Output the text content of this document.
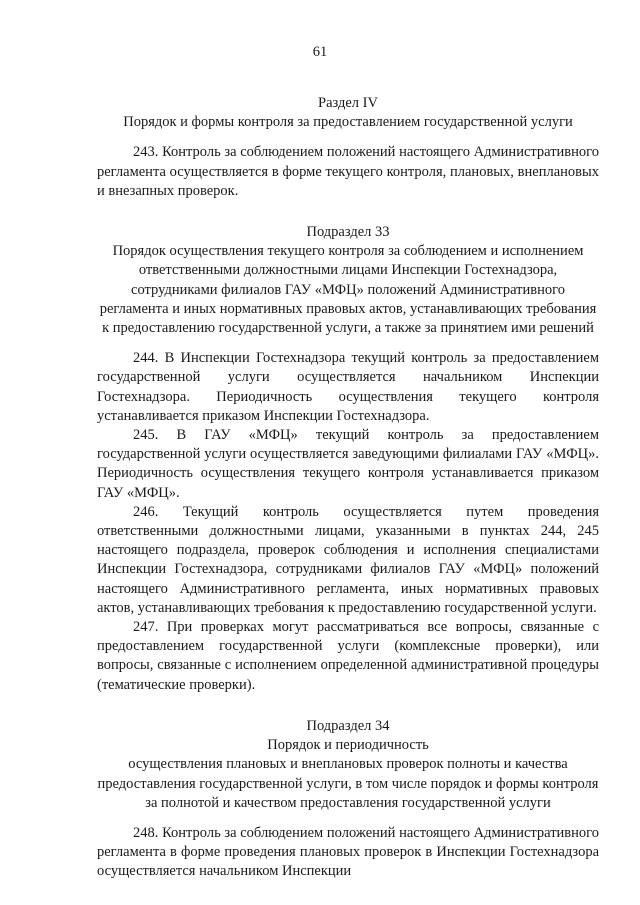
61

Раздел IV

Порядок и формы контроля за предоставлением государственной услуги

243. Контроль за соблюдением положений настоящего Административного регламента осуществляется в форме текущего контроля, плановых, внеплановых и внезапных проверок.

Подраздел 33

Порядок осуществления текущего контроля за соблюдением и исполнением ответственными должностными лицами Инспекции Гостехнадзора, сотрудниками филиалов ГАУ «МФЦ» положений Административного регламента и иных нормативных правовых актов, устанавливающих требования к предоставлению государственной услуги, а также за принятием ими решений

244. В Инспекции Гостехнадзора текущий контроль за предоставлением государственной услуги осуществляется начальником Инспекции Гостехнадзора. Периодичность осуществления текущего контроля устанавливается приказом Инспекции Гостехнадзора.

245. В ГАУ «МФЦ» текущий контроль за предоставлением государственной услуги осуществляется заведующими филиалами ГАУ «МФЦ». Периодичность осуществления текущего контроля устанавливается приказом ГАУ «МФЦ».

246. Текущий контроль осуществляется путем проведения ответственными должностными лицами, указанными в пунктах 244, 245 настоящего подраздела, проверок соблюдения и исполнения специалистами Инспекции Гостехнадзора, сотрудниками филиалов ГАУ «МФЦ» положений настоящего Административного регламента, иных нормативных правовых актов, устанавливающих требования к предоставлению государственной услуги.

247. При проверках могут рассматриваться все вопросы, связанные с предоставлением государственной услуги (комплексные проверки), или вопросы, связанные с исполнением определенной административной процедуры (тематические проверки).

Подраздел 34

Порядок и периодичность

осуществления плановых и внеплановых проверок полноты и качества предоставления государственной услуги, в том числе порядок и формы контроля за полнотой и качеством предоставления государственной услуги

248. Контроль за соблюдением положений настоящего Административного регламента в форме проведения плановых проверок в Инспекции Гостехнадзора осуществляется начальником Инспекции
